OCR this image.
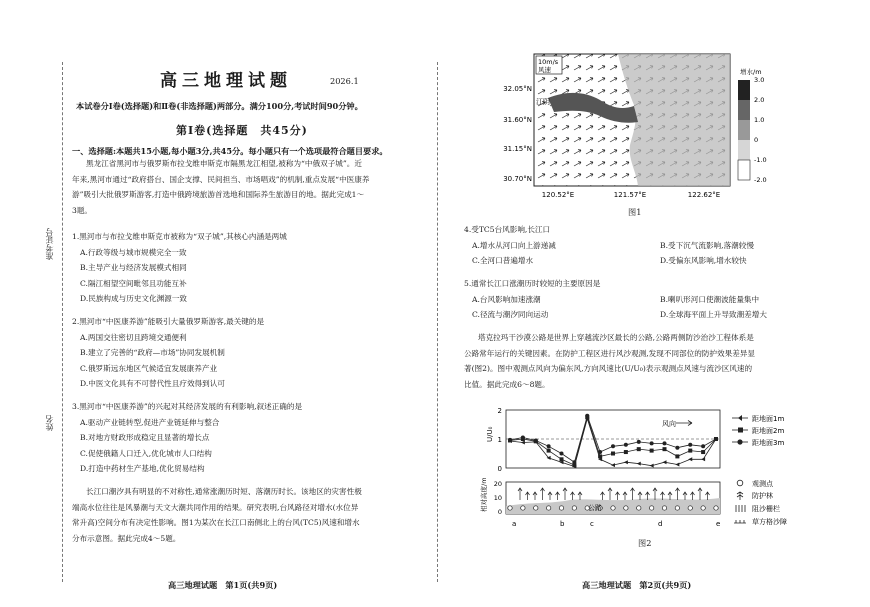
准考证号
姓名
高三地理试题	2026.1
本试卷分Ⅰ卷(选择题)和Ⅱ卷(非选择题)两部分。满分100分,考试时间90分钟。
第Ⅰ卷(选择题　共45分)
一、选择题:本题共15小题,每小题3分,共45分。每小题只有一个选项最符合题目要求。
黑龙江省黑河市与俄罗斯布拉戈维申斯克市隔黑龙江相望,被称为“中俄双子城”。近
年来,黑河市通过“政府搭台、国企支撑、民间担当、市场唱戏”的机制,重点发展“中医康养
游”吸引大批俄罗斯游客,打造中俄跨境旅游首选地和国际养生旅游目的地。据此完成1～
3题。
1.黑河市与布拉戈维申斯克市被称为“双子城”,其核心内涵是两城
A.行政等级与城市规模完全一致
B.主导产业与经济发展模式相同
C.隔江相望空间毗邻且功能互补
D.民族构成与历史文化渊源一致
2.黑河市“中医康养游”能吸引大量俄罗斯游客,最关键的是
A.两国交往密切且跨境交通便利
B.建立了完善的“政府—市场”协同发展机制
C.俄罗斯远东地区气候适宜发展康养产业
D.中医文化具有不可替代性且疗效得到认可
3.黑河市“中医康养游”的兴起对其经济发展的有利影响,叙述正确的是
A.驱动产业链转型,促进产业链延伸与整合
B.对地方财政形成稳定且显著的增长点
C.促使俄籍人口迁入,优化城市人口结构
D.打造中药材生产基地,优化贸易结构
长江口潮汐具有明显的不对称性,通常涨潮历时短、落潮历时长。该地区的灾害性极
端高水位往往是风暴潮与天文大潮共同作用的结果。研究表明,台风路径对增水(水位异
常升高)空间分布有决定性影响。图1为某次在长江口南侧北上的台风(TC5)风速和增水
分布示意图。据此完成4～5题。
高三地理试题　第1页(共9页)
10m/s
风速
江阴
32.05°N
31.60°N
31.15°N
30.70°N
120.52°E	121.57°E	122.62°E
增水/m
3.0
2.0
1.0
0
-1.0
-2.0
图1
4.受TC5台风影响,长江口
A.增水从河口向上游递减	B.受下沉气流影响,落潮较慢
C.全河口普遍增水	D.受偏东风影响,增水较快
5.通常长江口涨潮历时较短的主要原因是
A.台风影响加速涨潮	B.喇叭形河口使潮波能量集中
C.径流与潮汐同向运动	D.全球海平面上升导致潮差增大
塔克拉玛干沙漠公路是世界上穿越流沙区最长的公路,公路两侧防沙治沙工程体系是
公路常年运行的关键因素。在防护工程区进行风沙观测,发现不同部位的防护效果差异显
著(图2)。图中观测点风向为偏东风,方向风速比(U/U₀)表示观测点风速与流沙区风速的
比值。据此完成6～8题。
U/U₀
2
1
0
风向
相对高度/m 20
10
0	公路
a	b	c	d	e
距地面1m
距地面2m
距地面3m
观测点
防护林
阻沙栅栏
草方格沙障
图2
高三地理试题　第2页(共9页)
